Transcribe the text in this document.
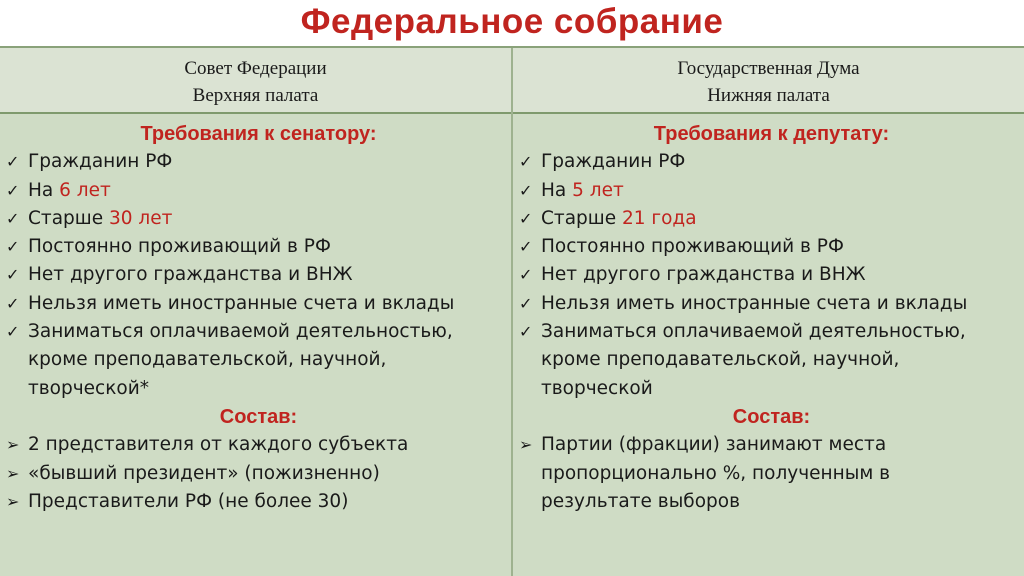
Федеральное собрание
Совет Федерации
Верхняя палата
Требования к сенатору:
✓ Гражданин РФ
✓ На 6 лет
✓ Старше 30 лет
✓ Постоянно проживающий в РФ
✓ Нет другого гражданства и ВНЖ
✓ Нельзя иметь иностранные счета и вклады
✓ Заниматься оплачиваемой деятельностью,
кроме преподавательской, научной,
творческой*
Состав:
➢ 2 представителя от каждого субъекта
➢ «бывший президент» (пожизненно)
➢ Представители РФ (не более 30)
Государственная Дума
Нижняя палата
Требования к депутату:
✓ Гражданин РФ
✓ На 5 лет
✓ Старше 21 года
✓ Постоянно проживающий в РФ
✓ Нет другого гражданства и ВНЖ
✓ Нельзя иметь иностранные счета и вклады
✓ Заниматься оплачиваемой деятельностью,
кроме преподавательской, научной,
творческой
Состав:
➢ Партии (фракции) занимают места
пропорционально %, полученным в
результате выборов
